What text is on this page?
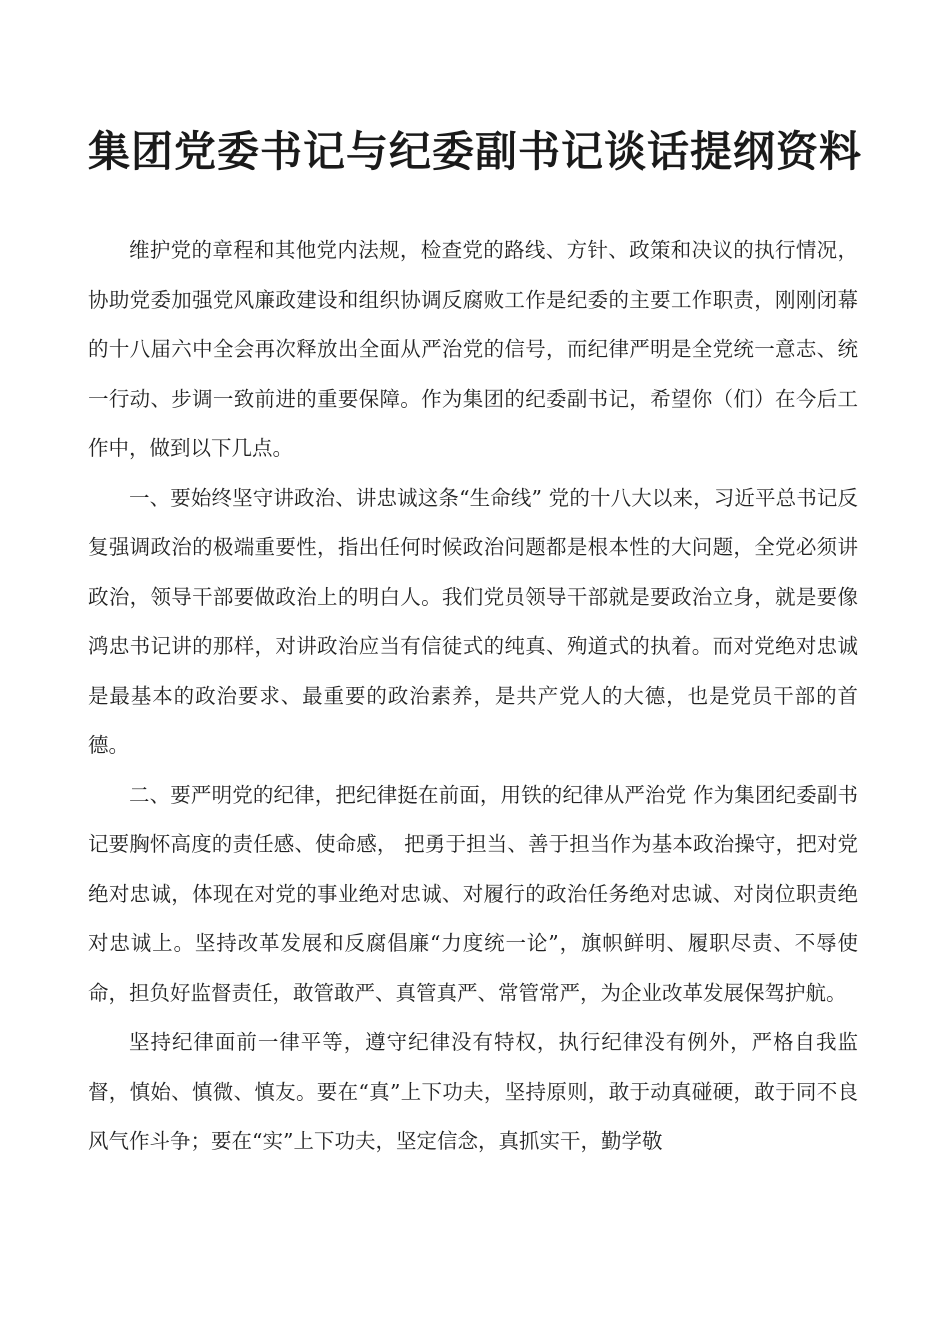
集团党委书记与纪委副书记谈话提纲资料

维护党的章程和其他党内法规，检查党的路线、方针、政策和决议的执行情况，协助党委加强党风廉政建设和组织协调反腐败工作是纪委的主要工作职责，刚刚闭幕的十八届六中全会再次释放出全面从严治党的信号，而纪律严明是全党统一意志、统一行动、步调一致前进的重要保障。作为集团的纪委副书记，希望你（们）在今后工作中，做到以下几点。

一、要始终坚守讲政治、讲忠诚这条“生命线” 党的十八大以来，习近平总书记反复强调政治的极端重要性，指出任何时候政治问题都是根本性的大问题，全党必须讲政治，领导干部要做政治上的明白人。我们党员领导干部就是要政治立身，就是要像鸿忠书记讲的那样，对讲政治应当有信徒式的纯真、殉道式的执着。而对党绝对忠诚是最基本的政治要求、最重要的政治素养，是共产党人的大德，也是党员干部的首德。

二、要严明党的纪律，把纪律挺在前面，用铁的纪律从严治党 作为集团纪委副书记要胸怀高度的责任感、使命感， 把勇于担当、善于担当作为基本政治操守，把对党绝对忠诚，体现在对党的事业绝对忠诚、对履行的政治任务绝对忠诚、对岗位职责绝对忠诚上。坚持改革发展和反腐倡廉“力度统一论”，旗帜鲜明、履职尽责、不辱使命，担负好监督责任，敢管敢严、真管真严、常管常严，为企业改革发展保驾护航。

坚持纪律面前一律平等，遵守纪律没有特权，执行纪律没有例外，严格自我监督，慎始、慎微、慎友。要在“真”上下功夫，坚持原则，敢于动真碰硬，敢于同不良风气作斗争；要在“实”上下功夫，坚定信念，真抓实干，勤学敬
